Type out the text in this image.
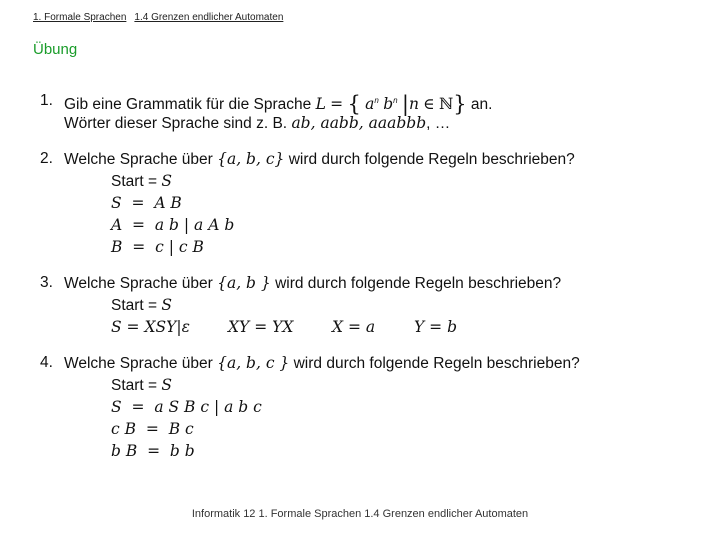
1. Formale Sprachen 1.4 Grenzen endlicher Automaten
Übung
1. Gib eine Grammatik für die Sprache L = { $a^n$ $b^n$ |n ∈ ℕ} an.
Wörter dieser Sprache sind z. B. ab, aabb, aaabbb, …
2. Welche Sprache über {a, b, c} wird durch folgende Regeln beschrieben?
Start = S
S  =  A B
A  =  a b | a A b
B  =  c | c B
3. Welche Sprache über {a, b } wird durch folgende Regeln beschrieben?
Start = S
S = XSY|ε XY = YX X = a	Y = b
4. Welche Sprache über {a, b, c } wird durch folgende Regeln beschrieben?
Start = S
S  =  a S B c | a b c
c B  =  B c
b B  =  b b
Informatik 12 1. Formale Sprachen 1.4 Grenzen endlicher Automaten
